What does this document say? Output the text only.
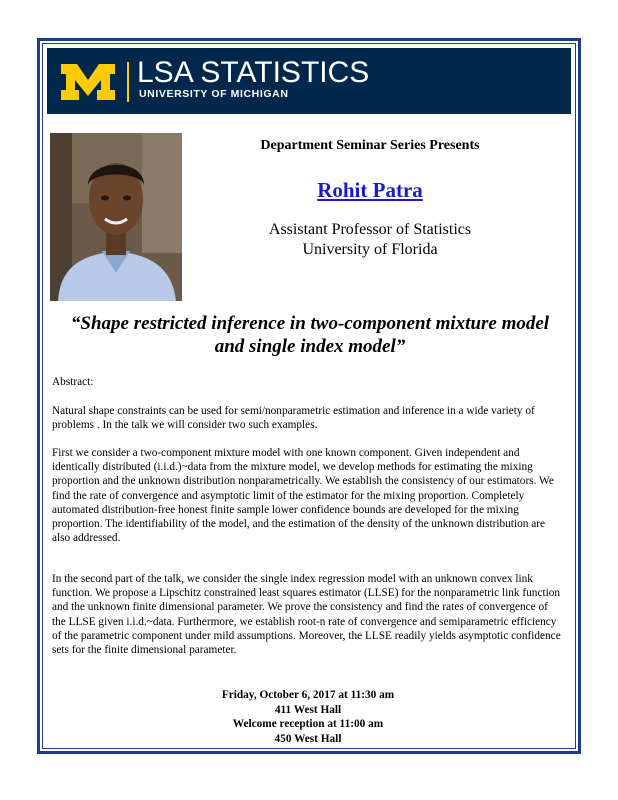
LSA STATISTICS
UNIVERSITY OF MICHIGAN
Department Seminar Series Presents
Rohit Patra
Assistant Professor of Statistics
University of Florida
“Shape restricted inference in two-component mixture model and single index model”

Abstract:

Natural shape constraints can be used for semi/nonparametric estimation and inference in a wide variety of problems . In the talk we will consider two such examples.

First we consider a two-component mixture model with one known component. Given independent and identically distributed (i.i.d.)~data from the mixture model, we develop methods for estimating the mixing proportion and the unknown distribution nonparametrically. We establish the consistency of our estimators. We find the rate of convergence and asymptotic limit of the estimator for the mixing proportion. Completely automated distribution-free honest finite sample lower confidence bounds are developed for the mixing proportion. The identifiability of the model, and the estimation of the density of the unknown distribution are also addressed.

In the second part of the talk, we consider the single index regression model with an unknown convex link function. We propose a Lipschitz constrained least squares estimator (LLSE) for the nonparametric link function and the unknown finite dimensional parameter. We prove the consistency and find the rates of convergence of the LLSE given i.i.d.~data. Furthermore, we establish root-n rate of convergence and semiparametric efficiency of the parametric component under mild assumptions. Moreover, the LLSE readily yields asymptotic confidence sets for the finite dimensional parameter.

Friday, October 6, 2017 at 11:30 am
411 West Hall
Welcome reception at 11:00 am
450 West Hall
